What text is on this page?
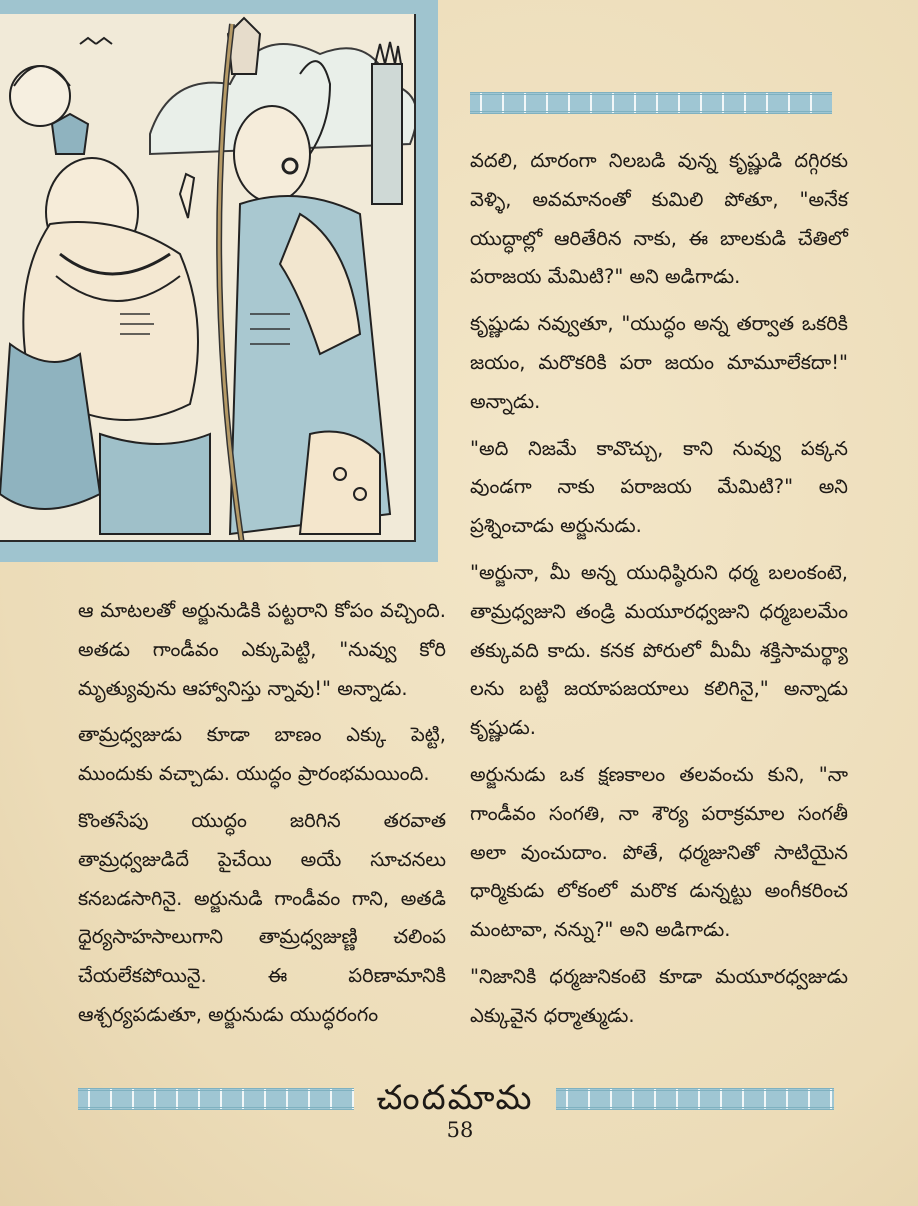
వదలి, దూరంగా నిలబడి వున్న కృష్ణుడి దగ్గిరకు వెళ్ళి, అవమానంతో కుమిలి పోతూ, "అనేక యుద్ధాల్లో ఆరితేరిన నాకు, ఈ బాలకుడి చేతిలో పరాజయ మేమిటి?" అని అడిగాడు.

కృష్ణుడు నవ్వుతూ, "యుద్ధం అన్న తర్వాత ఒకరికి జయం, మరొకరికి పరా జయం మామూలేకదా!" అన్నాడు.

"అది నిజమే కావొచ్చు, కాని నువ్వు పక్కన వుండగా నాకు పరాజయ మేమిటి?" అని ప్రశ్నించాడు అర్జునుడు.

"అర్జునా, మీ అన్న యుధిష్ఠిరుని ధర్మ బలంకంటె, తామ్రధ్వజుని తండ్రి మయూరధ్వజుని ధర్మబలమేం తక్కువది కాదు. కనక పోరులో మీమీ శక్తిసామర్థ్యా లను బట్టి జయాపజయాలు కలిగినై," అన్నాడు కృష్ణుడు.

అర్జునుడు ఒక క్షణకాలం తలవంచు కుని, "నా గాండీవం సంగతి, నా శౌర్య పరాక్రమాల సంగతీ అలా వుంచుదాం. పోతే, ధర్మజునితో సాటియైన ధార్మికుడు లోకంలో మరొక డున్నట్టు అంగీకరించ మంటావా, నన్ను?" అని అడిగాడు.

"నిజానికి ధర్మజునికంటె కూడా మయూరధ్వజుడు ఎక్కువైన ధర్మాత్ముడు.

ఆ మాటలతో అర్జునుడికి పట్టరాని కోపం వచ్చింది. అతడు గాండీవం ఎక్కుపెట్టి, "నువ్వు కోరి మృత్యువును ఆహ్వానిస్తు న్నావు!" అన్నాడు.

తామ్రధ్వజుడు కూడా బాణం ఎక్కు పెట్టి, ముందుకు వచ్చాడు. యుద్ధం ప్రారంభమయింది.

కొంతసేపు యుద్ధం జరిగిన తరవాత తామ్రధ్వజుడిదే పైచేయి అయే సూచనలు కనబడసాగినై. అర్జునుడి గాండీవం గాని, అతడి ధైర్యసాహసాలుగాని తామ్రధ్వజుణ్ణి చలింప చేయలేకపోయినై. ఈ పరిణామానికి ఆశ్చర్యపడుతూ, అర్జునుడు యుద్ధరంగం

చందమామ
58
